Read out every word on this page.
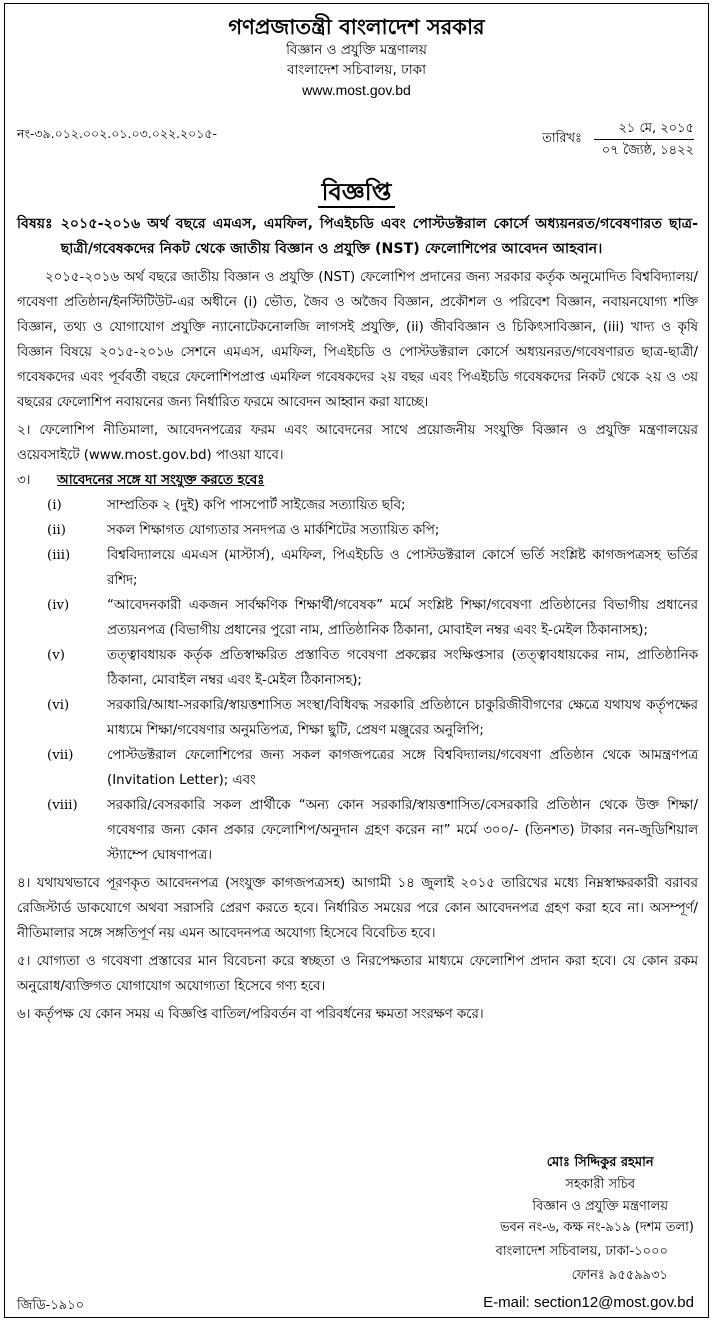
গণপ্রজাতন্ত্রী বাংলাদেশ সরকার
বিজ্ঞান ও প্রযুক্তি মন্ত্রণালয়
বাংলাদেশ সচিবালয়, ঢাকা
www.most.gov.bd
নং-৩৯.০১২.০০২.০১.০৩.০২২.২০১৫-	তারিখঃ
২১ মে, ২০১৫
০৭ জ্যৈষ্ঠ, ১৪২২
বিজ্ঞপ্তি
বিষয়ঃ ২০১৫-২০১৬ অর্থ বছরে এমএস, এমফিল, পিএইচডি এবং পোস্টডক্টরাল কোর্সে অধ্যয়নরত/গবেষণারত ছাত্র-ছাত্রী/গবেষকদের নিকট থেকে জাতীয় বিজ্ঞান ও প্রযুক্তি (NST) ফেলোশিপের আবেদন আহবান।
২০১৫-২০১৬ অর্থ বছরে জাতীয় বিজ্ঞান ও প্রযুক্তি (NST) ফেলোশিপ প্রদানের জন্য সরকার কর্তৃক অনুমোদিত বিশ্ববিদ্যালয়/গবেষণা প্রতিষ্ঠান/ইনস্টিটিউট-এর অধীনে (i) ভৌত, জৈব ও অজৈব বিজ্ঞান, প্রকৌশল ও পরিবেশ বিজ্ঞান, নবায়নযোগ্য শক্তি বিজ্ঞান, তথ্য ও যোগাযোগ প্রযুক্তি ন্যানোটেকনোলজি লাগসই প্রযুক্তি, (ii) জীববিজ্ঞান ও চিকিৎসাবিজ্ঞান, (iii) খাদ্য ও কৃষি বিজ্ঞান বিষয়ে ২০১৫-২০১৬ সেশনে এমএস, এমফিল, পিএইচডি ও পোস্টডক্টরাল কোর্সে অধ্যয়নরত/গবেষণারত ছাত্র-ছাত্রী/গবেষকদের এবং পূর্ববর্তী বছরে ফেলোশিপপ্রাপ্ত এমফিল গবেষকদের ২য় বছর এবং পিএইচডি গবেষকদের নিকট থেকে ২য় ও ৩য় বছরের ফেলোশিপ নবায়নের জন্য নির্ধারিত ফরমে আবেদন আহ্বান করা যাচ্ছে।
২। ফেলোশিপ নীতিমালা, আবেদনপত্রের ফরম এবং আবেদনের সাথে প্রয়োজনীয় সংযুক্তি বিজ্ঞান ও প্রযুক্তি মন্ত্রণালয়ের ওয়েবসাইটে (www.most.gov.bd) পাওয়া যাবে।
৩।	আবেদনের সঙ্গে যা সংযুক্ত করতে হবেঃ
(i)	সাম্প্রতিক ২ (দুই) কপি পাসপোর্ট সাইজের সত্যায়িত ছবি;
(ii)	সকল শিক্ষাগত যোগ্যতার সনদপত্র ও মার্কশিটের সত্যায়িত কপি;
(iii)	বিশ্ববিদ্যালয়ে এমএস (মাস্টার্স), এমফিল, পিএইচডি ও পোস্টডক্টরাল কোর্সে ভর্তি সংশ্লিষ্ট কাগজপত্রসহ ভর্তির রশিদ;
(iv)	“আবেদনকারী একজন সার্বক্ষণিক শিক্ষার্থী/গবেষক” মর্মে সংশ্লিষ্ট শিক্ষা/গবেষণা প্রতিষ্ঠানের বিভাগীয় প্রধানের প্রত্যয়নপত্র (বিভাগীয় প্রধানের পুরো নাম, প্রাতিষ্ঠানিক ঠিকানা, মোবাইল নম্বর এবং ই-মেইল ঠিকানাসহ);
(v)	তত্ত্বাবধায়ক কর্তৃক প্রতিস্বাক্ষরিত প্রস্তাবিত গবেষণা প্রকল্পের সংক্ষিপ্তসার (তত্ত্বাবধায়কের নাম, প্রাতিষ্ঠানিক ঠিকানা, মোবাইল নম্বর এবং ই-মেইল ঠিকানাসহ);
(vi)	সরকারি/আধা-সরকারি/স্বায়ত্তশাসিত সংস্থা/বিধিবদ্ধ সরকারি প্রতিষ্ঠানে চাকুরিজীবীগণের ক্ষেত্রে যথাযথ কর্তৃপক্ষের মাধ্যমে শিক্ষা/গবেষণার অনুমতিপত্র, শিক্ষা ছুটি, প্রেষণ মঞ্জুরের অনুলিপি;
(vii)	পোস্টডক্টরাল ফেলোশিপের জন্য সকল কাগজপত্রের সঙ্গে বিশ্ববিদ্যালয়/গবেষণা প্রতিষ্ঠান থেকে আমন্ত্রণপত্র (Invitation Letter); এবং
(viii)	সরকারি/বেসরকারি সকল প্রার্থীকে “অন্য কোন সরকারি/স্বায়ত্তশাসিত/বেসরকারি প্রতিষ্ঠান থেকে উক্ত শিক্ষা/গবেষণার জন্য কোন প্রকার ফেলোশিপ/অনুদান গ্রহণ করেন না” মর্মে ৩০০/- (তিনশত) টাকার নন-জুডিশিয়াল স্ট্যাম্পে ঘোষণাপত্র।
৪। যথাযথভাবে পূরণকৃত আবেদনপত্র (সংযুক্ত কাগজপত্রসহ) আগামী ১৪ জুলাই ২০১৫ তারিখের মধ্যে নিম্নস্বাক্ষরকারী বরাবর রেজিস্টার্ড ডাকযোগে অথবা সরাসরি প্রেরণ করতে হবে। নির্ধারিত সময়ের পরে কোন আবেদনপত্র গ্রহণ করা হবে না। অসম্পূর্ণ/নীতিমালার সঙ্গে সঙ্গতিপূর্ণ নয় এমন আবেদনপত্র অযোগ্য হিসেবে বিবেচিত হবে।
৫। যোগ্যতা ও গবেষণা প্রস্তাবের মান বিবেচনা করে স্বচ্ছতা ও নিরপেক্ষতার মাধ্যমে ফেলোশিপ প্রদান করা হবে। যে কোন রকম অনুরোধ/ব্যক্তিগত যোগাযোগ অযোগ্যতা হিসেবে গণ্য হবে।
৬। কর্তৃপক্ষ যে কোন সময় এ বিজ্ঞপ্তি বাতিল/পরিবর্তন বা পরিবর্ধনের ক্ষমতা সংরক্ষণ করে।
মোঃ সিদ্দিকুর রহমান
সহকারী সচিব
বিজ্ঞান ও প্রযুক্তি মন্ত্রণালয়
ভবন নং-৬, কক্ষ নং-৯১৯ (দশম তলা)
বাংলাদেশ সচিবালয়, ঢাকা-১০০০
ফোনঃ ৯৫৫৯৯৩১
জিডি-১৯১০	E-mail: section12@most.gov.bd
